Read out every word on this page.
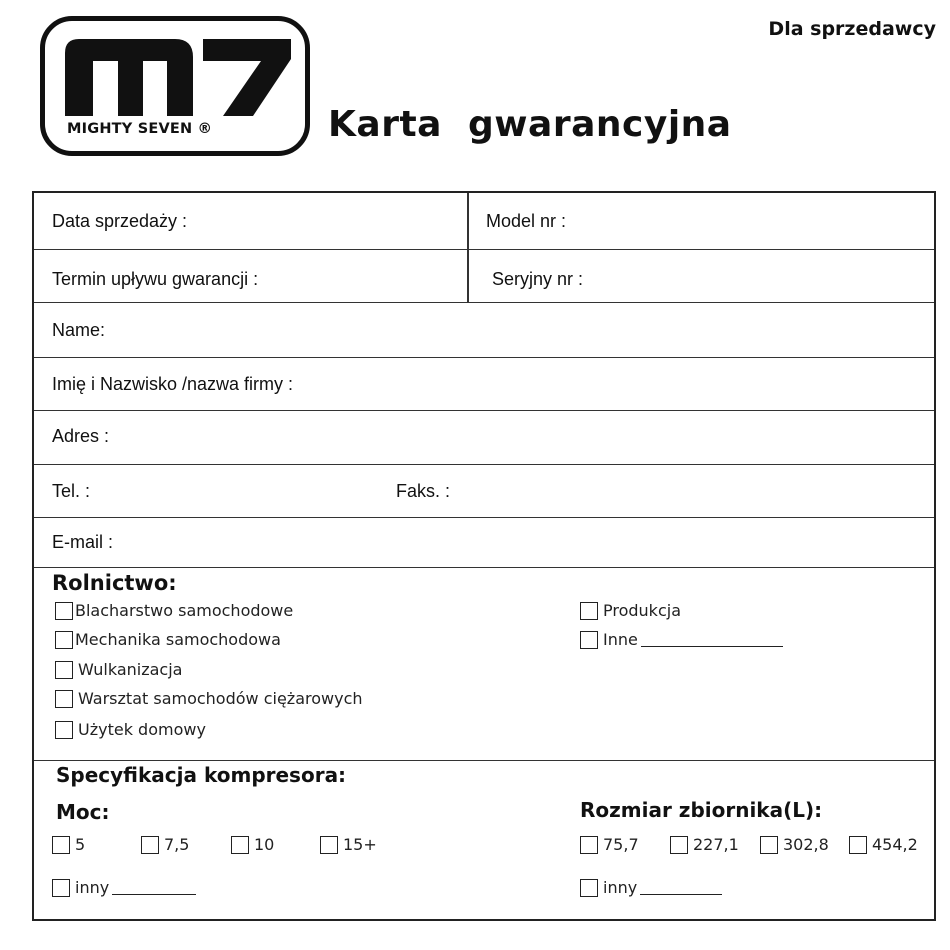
Dla sprzedawcy
MIGHTY SEVEN ®	Karta  gwarancyjna
Data sprzedaży :	Model nr :
Termin upływu gwarancji :	Seryjny nr :
Name:
Imię i Nazwisko /nazwa firmy :
Adres :
Tel. :	Faks. :
E-mail :
Rolnictwo:
Blacharstwo samochodowe
Mechanika samochodowa
Wulkanizacja
Warsztat samochodów ciężarowych
Użytek domowy
Produkcja
Inne
Specyfikacja kompresora:
Moc:	Rozmiar zbiornika(L):
5	7,5	10	15+
inny
75,7	227,1	302,8	454,2
inny
